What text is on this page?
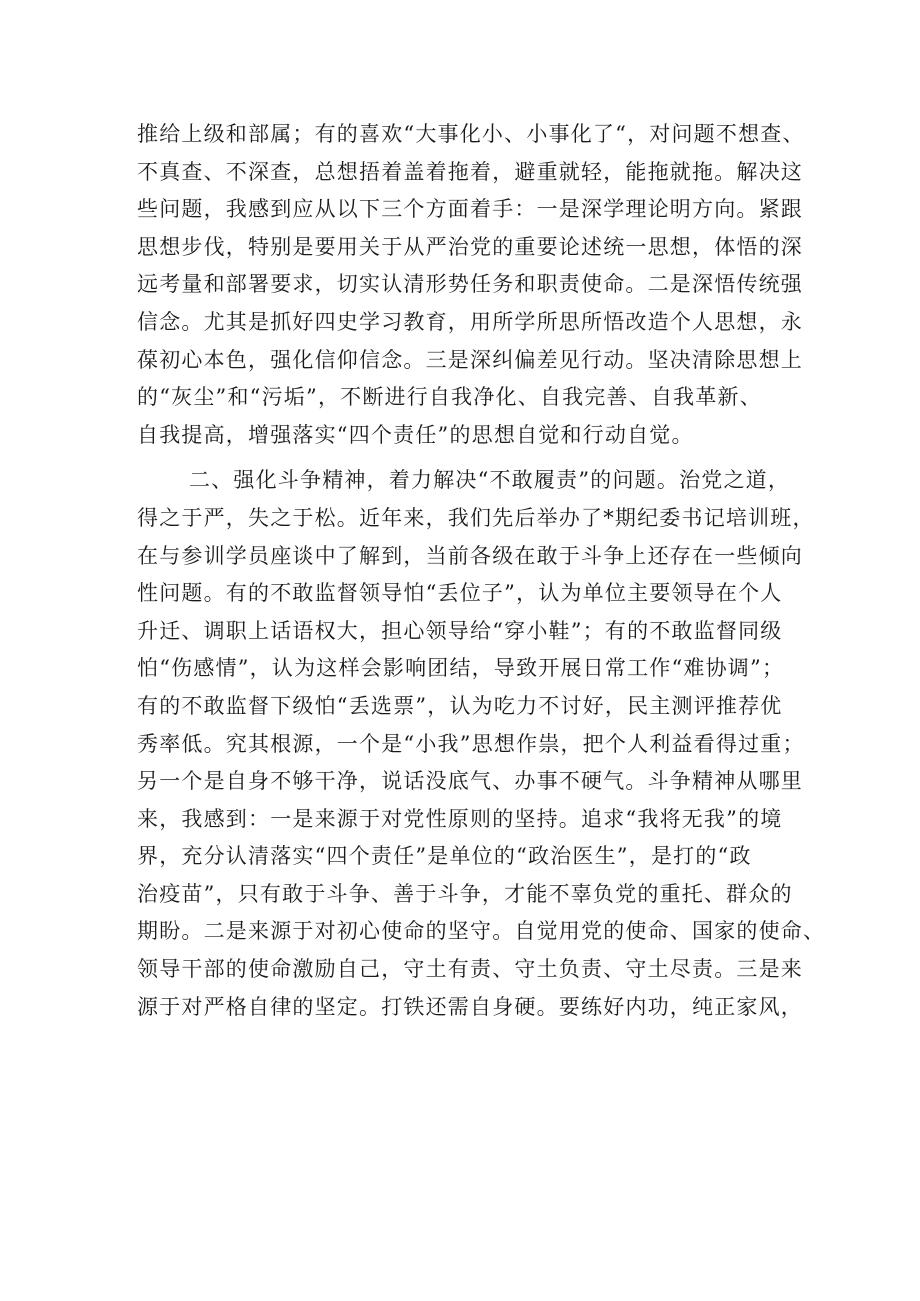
推给上级和部属；有的喜欢“大事化小、小事化了“，对问题不想查、
不真查、不深查，总想捂着盖着拖着，避重就轻，能拖就拖。解决这
些问题，我感到应从以下三个方面着手：一是深学理论明方向。紧跟
思想步伐，特别是要用关于从严治党的重要论述统一思想，体悟的深
远考量和部署要求，切实认清形势任务和职责使命。二是深悟传统强
信念。尤其是抓好四史学习教育，用所学所思所悟改造个人思想，永
葆初心本色，强化信仰信念。三是深纠偏差见行动。坚决清除思想上
的“灰尘”和“污垢”，不断进行自我净化、自我完善、自我革新、
自我提高，增强落实“四个责任”的思想自觉和行动自觉。
二、强化斗争精神，着力解决“不敢履责”的问题。治党之道，
得之于严，失之于松。近年来，我们先后举办了*期纪委书记培训班，
在与参训学员座谈中了解到，当前各级在敢于斗争上还存在一些倾向
性问题。有的不敢监督领导怕“丢位子”，认为单位主要领导在个人
升迁、调职上话语权大，担心领导给“穿小鞋”；有的不敢监督同级
怕“伤感情”，认为这样会影响团结，导致开展日常工作“难协调”；
有的不敢监督下级怕“丢选票”，认为吃力不讨好，民主测评推荐优
秀率低。究其根源，一个是“小我”思想作祟，把个人利益看得过重；
另一个是自身不够干净，说话没底气、办事不硬气。斗争精神从哪里
来，我感到：一是来源于对党性原则的坚持。追求“我将无我”的境
界，充分认清落实“四个责任”是单位的“政治医生”，是打的“政
治疫苗”，只有敢于斗争、善于斗争，才能不辜负党的重托、群众的
期盼。二是来源于对初心使命的坚守。自觉用党的使命、国家的使命、
领导干部的使命激励自己，守土有责、守土负责、守土尽责。三是来
源于对严格自律的坚定。打铁还需自身硬。要练好内功，纯正家风，
